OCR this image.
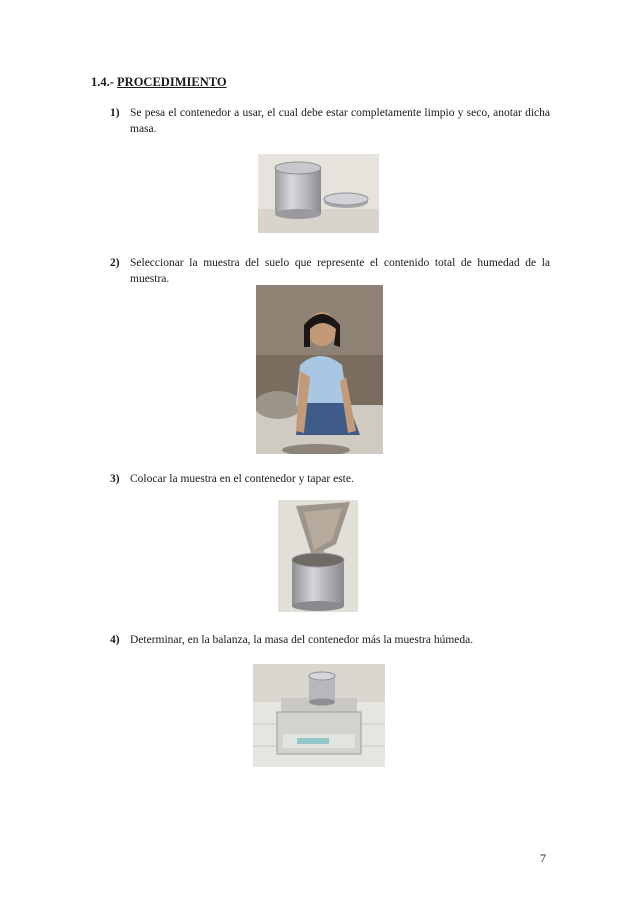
1.4.- PROCEDIMIENTO
1) Se pesa el contenedor a usar, el cual debe estar completamente limpio y seco, anotar dicha masa.
2) Seleccionar la muestra del suelo que represente el contenido total de humedad de la muestra.
3) Colocar la muestra en el contenedor y tapar este.
4) Determinar, en la balanza, la masa del contenedor más la muestra húmeda.
7
